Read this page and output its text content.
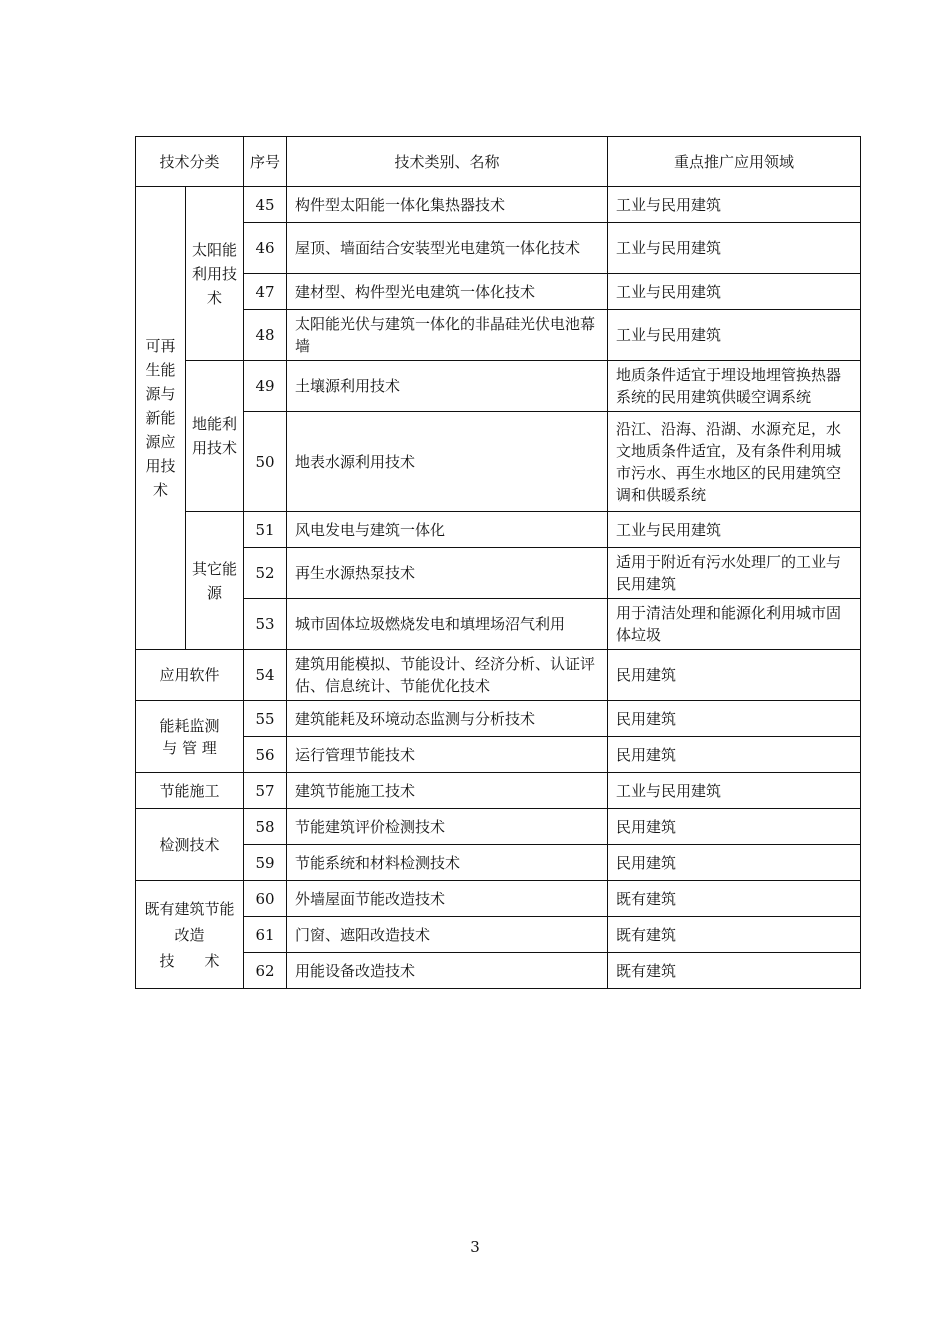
技术分类		序号	技术类别、名称	重点推广应用领域
可再生能源与新能源应用技术	太阳能利用技术	45	构件型太阳能一体化集热器技术	工业与民用建筑
		46	屋顶、墙面结合安装型光电建筑一体化技术	工业与民用建筑
		47	建材型、构件型光电建筑一体化技术	工业与民用建筑
		48	太阳能光伏与建筑一体化的非晶硅光伏电池幕墙	工业与民用建筑
	地能利用技术	49	土壤源利用技术	地质条件适宜于埋设地埋管换热器系统的民用建筑供暖空调系统
		50	地表水源利用技术	沿江、沿海、沿湖、水源充足，水文地质条件适宜，及有条件利用城市污水、再生水地区的民用建筑空调和供暖系统
	其它能源	51	风电发电与建筑一体化	工业与民用建筑
		52	再生水源热泵技术	适用于附近有污水处理厂的工业与民用建筑
		53	城市固体垃圾燃烧发电和填埋场沼气利用	用于清洁处理和能源化利用城市固体垃圾
应用软件		54	建筑用能模拟、节能设计、经济分析、认证评估、信息统计、节能优化技术	民用建筑
能耗监测与 管 理		55	建筑能耗及环境动态监测与分析技术	民用建筑
		56	运行管理节能技术	民用建筑
节能施工		57	建筑节能施工技术	工业与民用建筑
检测技术		58	节能建筑评价检测技术	民用建筑
		59	节能系统和材料检测技术	民用建筑

既有建筑节能改造
技　　术		60	外墙屋面节能改造技术	既有建筑
		61	门窗、遮阳改造技术	既有建筑
		62	用能设备改造技术	既有建筑
3
